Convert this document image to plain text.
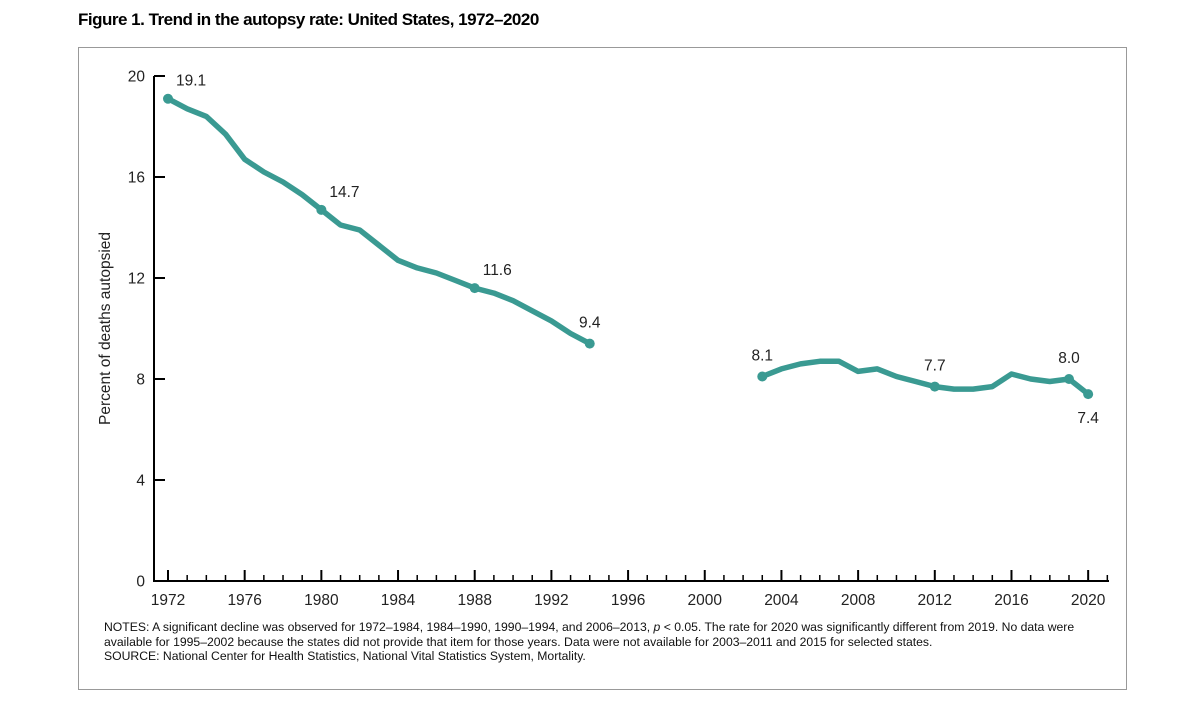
Figure 1. Trend in the autopsy rate: United States, 1972–2020
0
4
8
12
16
20
1972	1976	1980	1984	1988	1992	1996	2000	2004	2008	2012	2016	2020
Percent of deaths autopsied
19.1
14.7
11.6
9.4
8.1
7.7	8.0
7.4

NOTES: A significant decline was observed for 1972–1984, 1984–1990, 1990–1994, and 2006–2013, p < 0.05. The rate for 2020 was significantly different from 2019. No data were available for 1995–2002 because the states did not provide that item for those years. Data were not available for 2003–2011 and 2015 for selected states.

SOURCE: National Center for Health Statistics, National Vital Statistics System, Mortality.
